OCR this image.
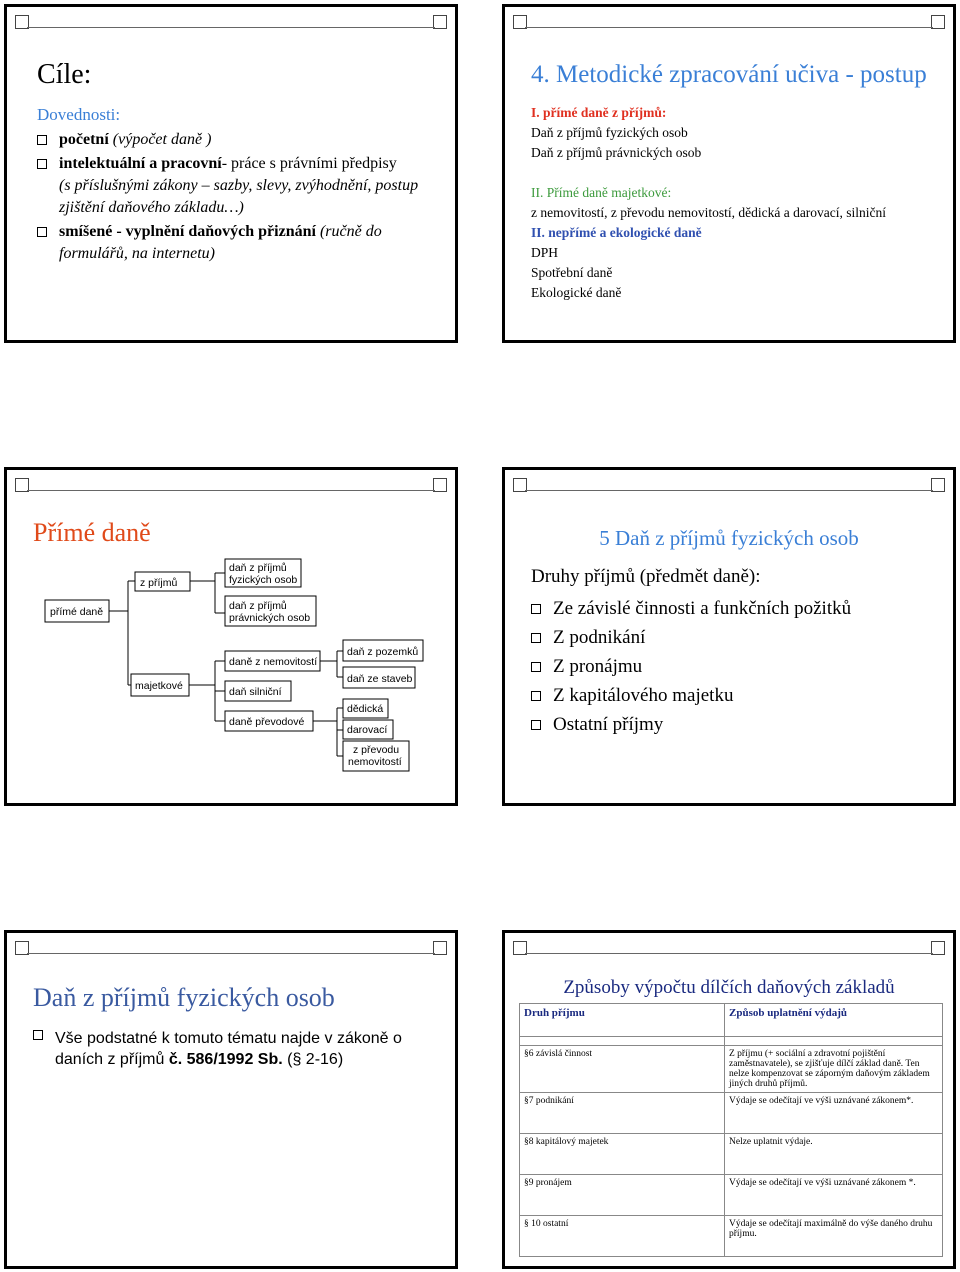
Cíle:
Dovednosti:
početní (výpočet daně )
intelektuální a pracovní- práce s právními předpisy
(s příslušnými zákony – sazby, slevy, zvýhodnění, postup zjištění daňového základu…)
smíšené - vyplnění daňových přiznání (ručně do formulářů, na internetu)
4. Metodické zpracování učiva - postup
I. přímé daně z příjmů:
Daň z příjmů fyzických osob
Daň z příjmů právnických osob

II. Přímé daně majetkové:
z nemovitostí, z převodu nemovitostí, dědická a darovací, silniční
II. nepřímé a ekologické daně
DPH
Spotřební daně
Ekologické daně
Přímé daně
přímé daně
z příjmů
majetkové
daň z příjmů
fyzických osob
daň z příjmů
právnických osob
daně z nemovitostí
daň silniční
daně převodové
daň z pozemků
daň ze staveb
dědická
darovací
z převodu
nemovitostí
5 Daň z příjmů fyzických osob
Druhy příjmů (předmět daně):
Ze závislé činnosti a funkčních požitků
Z podnikání
Z pronájmu
Z kapitálového majetku
Ostatní příjmy
Daň z příjmů fyzických osob
Vše podstatné k tomuto tématu najde v zákoně o daních z příjmů č. 586/1992 Sb. (§ 2-16)
Způsoby výpočtu dílčích daňových základů
Druh příjmu	Způsob uplatnění výdajů

§6 závislá činnost	Z příjmu (+ sociální a zdravotní pojištění zaměstnavatele), se zjišťuje dílčí základ daně. Ten nelze kompenzovat se záporným daňovým základem jiných druhů příjmů.
§7 podnikání	Výdaje se odečítají ve výši uznávané zákonem*.
§8 kapitálový majetek	Nelze uplatnit výdaje.
§9 pronájem	Výdaje se odečítají ve výši uznávané zákonem *.
§ 10 ostatní	Výdaje se odečítají maximálně do výše daného druhu příjmu.
